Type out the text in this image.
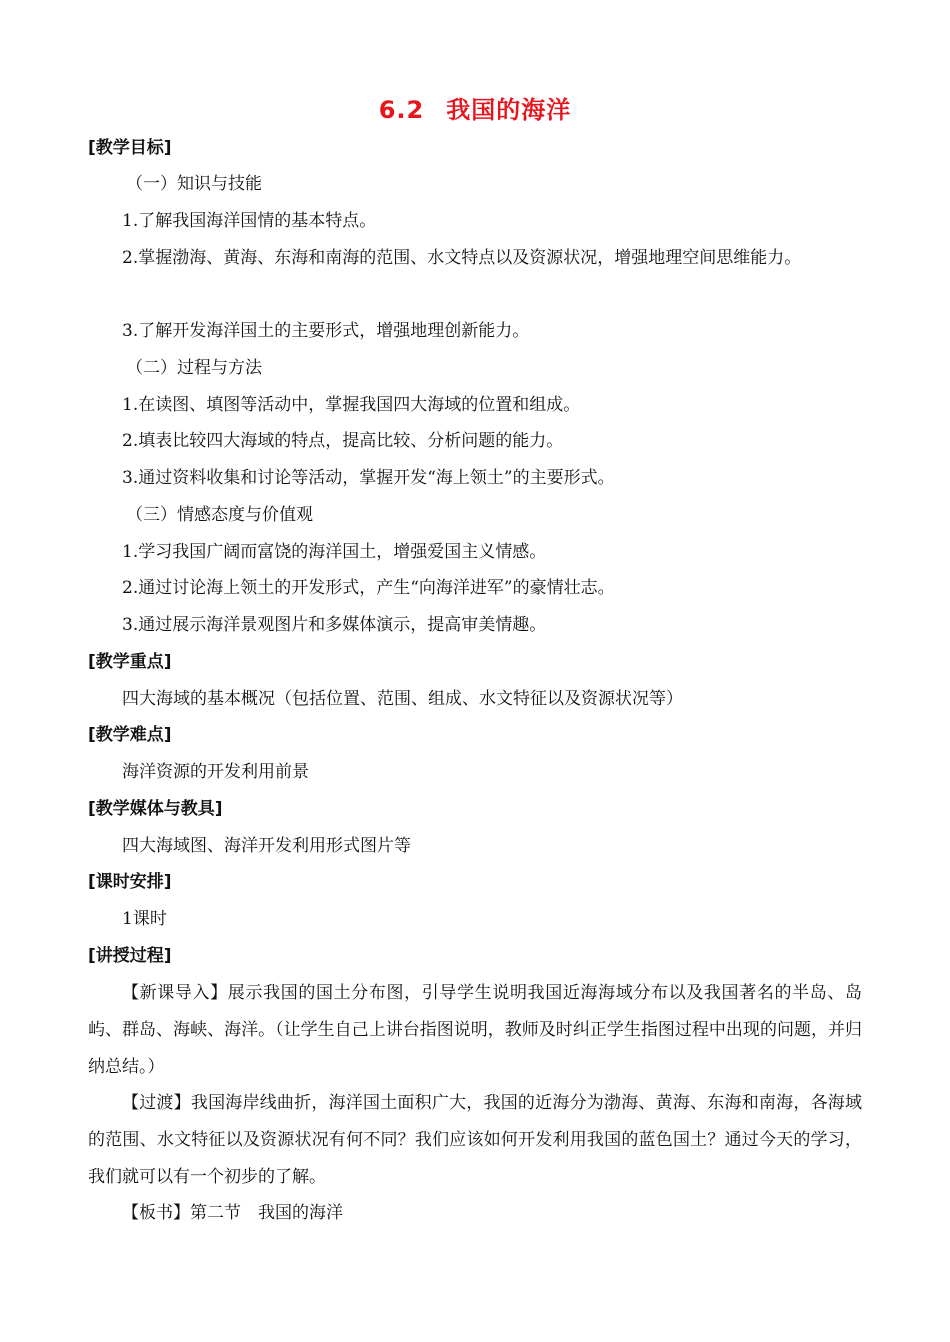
6.2 我国的海洋
[教学目标]
（一）知识与技能
1.了解我国海洋国情的基本特点。
2.掌握渤海、黄海、东海和南海的范围、水文特点以及资源状况，增强地理空间思维能力。
3.了解开发海洋国土的主要形式，增强地理创新能力。
（二）过程与方法
1.在读图、填图等活动中，掌握我国四大海域的位置和组成。
2.填表比较四大海域的特点，提高比较、分析问题的能力。
3.通过资料收集和讨论等活动，掌握开发“海上领土”的主要形式。
（三）情感态度与价值观
1.学习我国广阔而富饶的海洋国土，增强爱国主义情感。
2.通过讨论海上领土的开发形式，产生“向海洋进军”的豪情壮志。
3.通过展示海洋景观图片和多媒体演示，提高审美情趣。
[教学重点]
四大海域的基本概况（包括位置、范围、组成、水文特征以及资源状况等）
[教学难点]
海洋资源的开发利用前景
[教学媒体与教具]
四大海域图、海洋开发利用形式图片等
[课时安排]
1课时
[讲授过程]
【新课导入】展示我国的国土分布图，引导学生说明我国近海海域分布以及我国著名的半岛、岛屿、群岛、海峡、海洋。（让学生自己上讲台指图说明，教师及时纠正学生指图过程中出现的问题，并归纳总结。）
【过渡】我国海岸线曲折，海洋国土面积广大，我国的近海分为渤海、黄海、东海和南海，各海域的范围、水文特征以及资源状况有何不同？我们应该如何开发利用我国的蓝色国土？通过今天的学习，我们就可以有一个初步的了解。
【板书】第二节　我国的海洋
